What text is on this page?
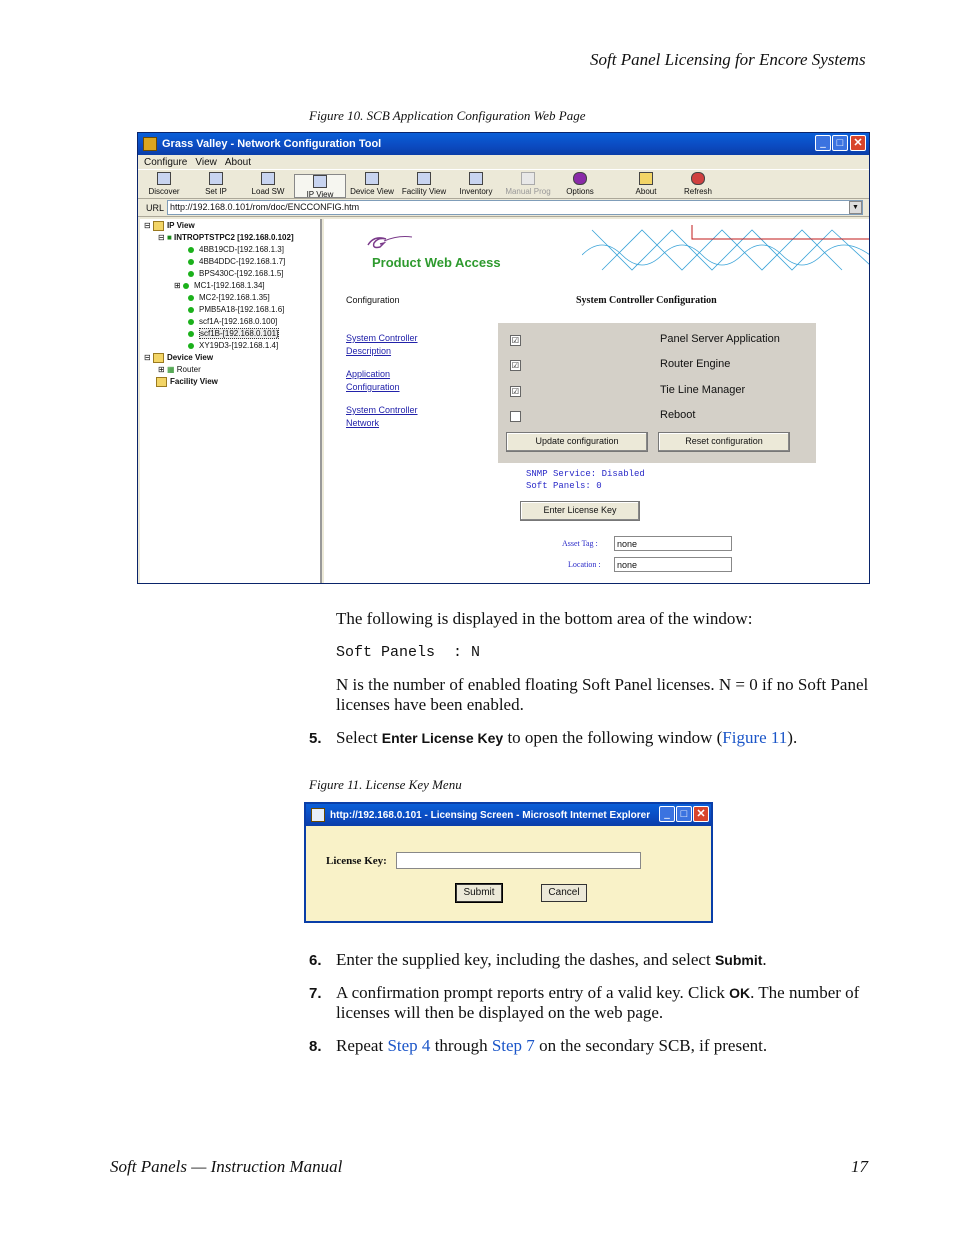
Soft Panel Licensing for Encore Systems
Figure 10. SCB Application Configuration Web Page
Grass Valley - Network Configuration Tool	_ □ ✕
Configure View About
Discover	Set IP	Load SW	IP View	Device View Facility View	Inventory	Manual Prog	Options	About	Refresh
URL http://192.168.0.101/rom/doc/ENCCONFIG.htm	▼
⊟ IP View
⊟ ■ INTROPTSTPC2 [192.168.0.102]
4BB19CD-[192.168.1.3]
4BB4DDC-[192.168.1.7]
BPS430C-[192.168.1.5]
⊞ MC1-[192.168.1.34]
MC2-[192.168.1.35]
PMB5A18-[192.168.1.6]
scf1A-[192.168.0.100]
scf1B-[192.168.0.101]
XY19D3-[192.168.1.4]
⊟ Device View
⊞ ▦ Router
Facility View
Product Web Access
Configuration	System Controller Configuration
System Controller
Description
Application
Configuration
System Controller
Network
☑	Panel Server Application
☑	Router Engine
☑	Tie Line Manager
Reboot
Update configuration	Reset configuration
SNMP Service: Disabled
Soft Panels: 0
Enter License Key
Asset Tag :	none
Location :	none
The following is displayed in the bottom area of the window:
Soft Panels  : N
N is the number of enabled floating Soft Panel licenses. N = 0 if no Soft Panel licenses have been enabled.
5. Select Enter License Key to open the following window (Figure 11).
Figure 11. License Key Menu
http://192.168.0.101 - Licensing Screen - Microsoft Internet Explorer	_ □ ✕
License Key:
Submit	Cancel
6. Enter the supplied key, including the dashes, and select Submit.
7. A confirmation prompt reports entry of a valid key. Click OK. The number of licenses will then be displayed on the web page.
8. Repeat Step 4 through Step 7 on the secondary SCB, if present.
Soft Panels — Instruction Manual	17
